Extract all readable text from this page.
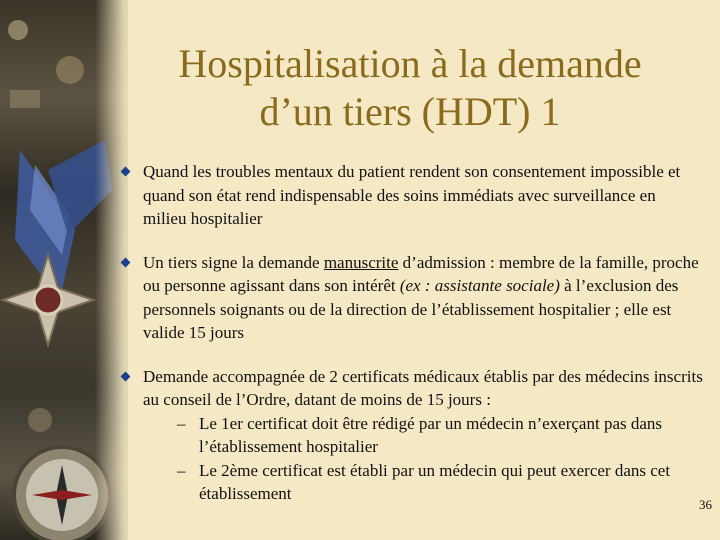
Hospitalisation à la demande
d’un tiers (HDT) 1
Quand les troubles mentaux du patient rendent son consentement impossible et quand son état rend indispensable des soins immédiats avec surveillance en milieu hospitalier
Un tiers signe la demande manuscrite d’admission : membre de la famille, proche ou personne agissant dans son intérêt (ex : assistante sociale) à l’exclusion des personnels soignants ou de la direction de l’établissement hospitalier ; elle est valide 15 jours
Demande accompagnée de 2 certificats médicaux établis par des médecins inscrits au conseil de l’Ordre, datant de moins de 15 jours :
– Le 1er certificat doit être rédigé par un médecin n’exerçant pas dans l’établissement hospitalier
– Le 2ème certificat est établi par un médecin qui peut exercer dans cet établissement
36
